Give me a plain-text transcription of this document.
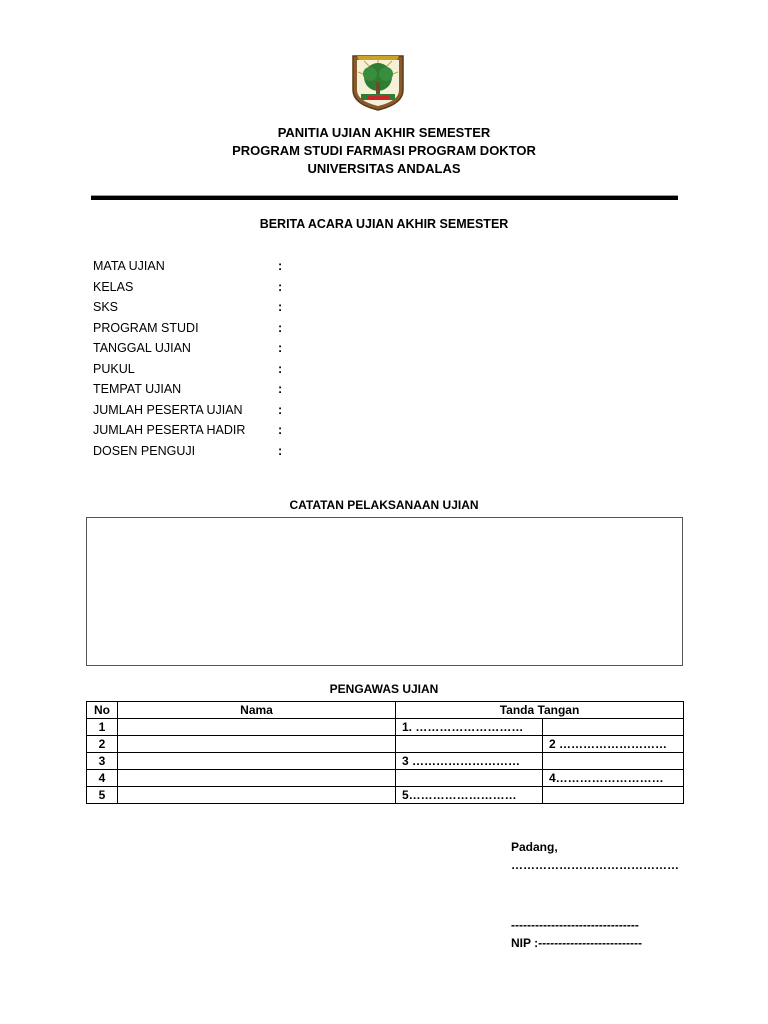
PANITIA UJIAN AKHIR SEMESTER
PROGRAM STUDI FARMASI PROGRAM DOKTOR
UNIVERSITAS ANDALAS
BERITA ACARA UJIAN AKHIR SEMESTER
MATA UJIAN	:
KELAS	:
SKS	:
PROGRAM STUDI	:
TANGGAL UJIAN	:
PUKUL	:
TEMPAT UJIAN	:
JUMLAH PESERTA UJIAN	:
JUMLAH PESERTA HADIR	:
DOSEN PENGUJI	:
CATATAN PELAKSANAAN UJIAN
PENGAWAS UJIAN
No	Nama	Tanda Tangan	
1		1. ………………………	
2			2 ………………………
3		3 ………………………	
4			4………………………
5		5………………………	
Padang,
……………………………………
--------------------------------
NIP :--------------------------
